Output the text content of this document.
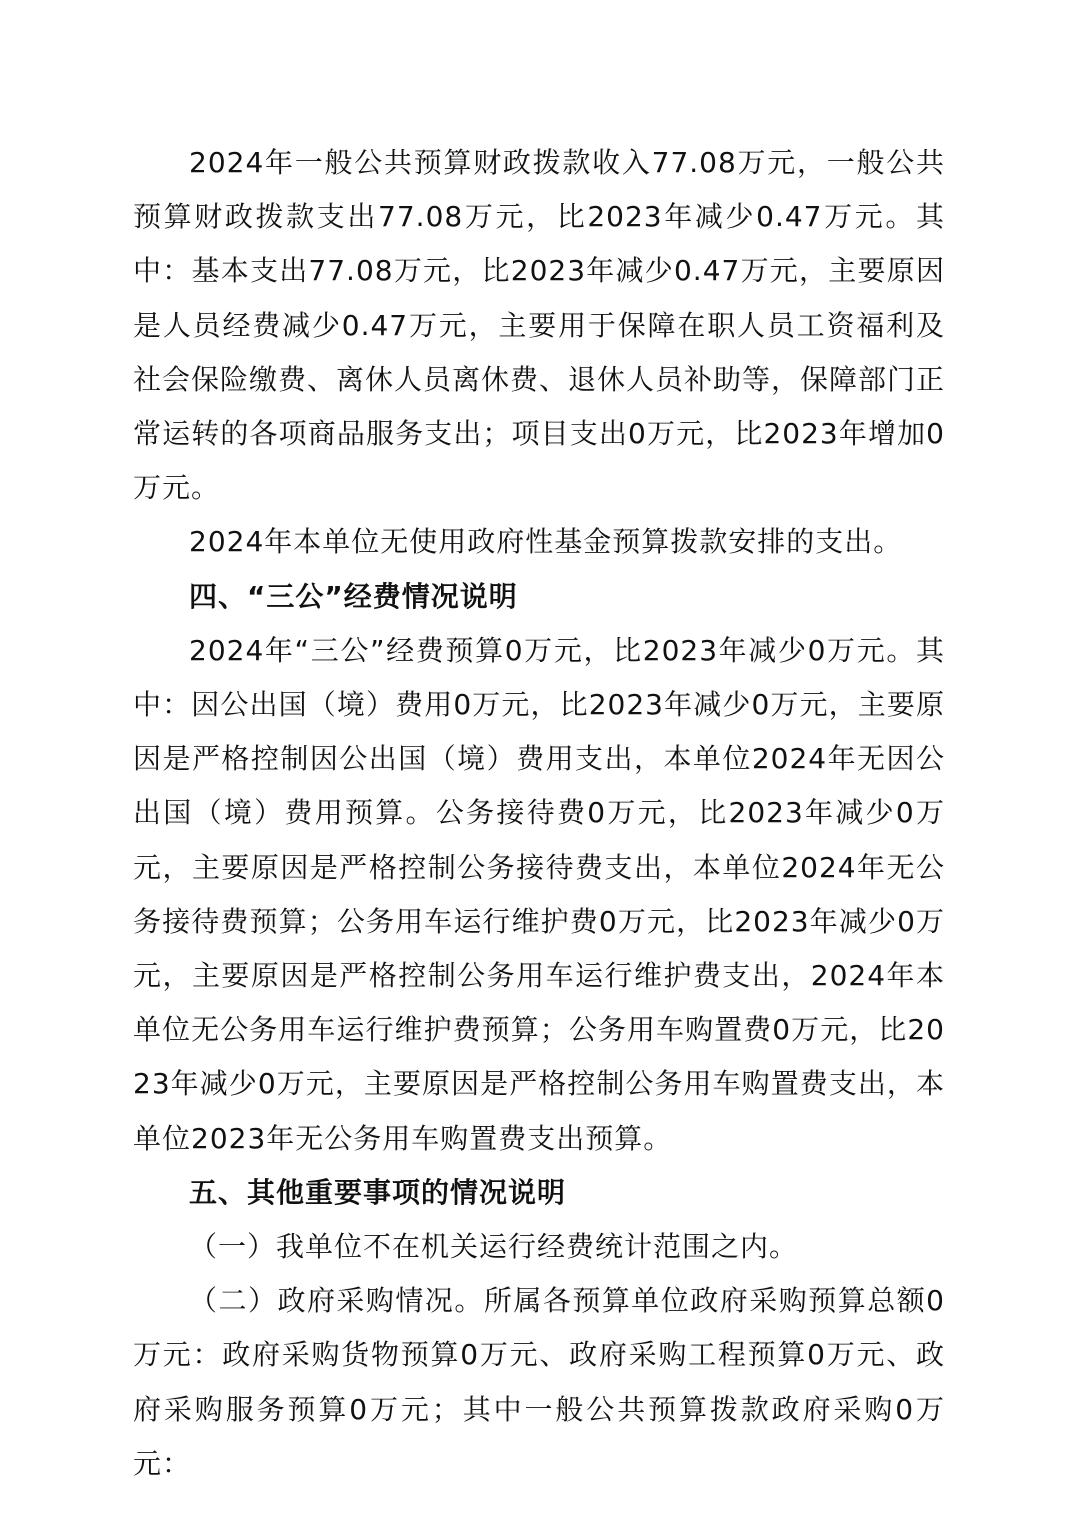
2024年一般公共预算财政拨款收入77.08万元，一般公共预算财政拨款支出77.08万元，比2023年减少0.47万元。其中：基本支出77.08万元，比2023年减少0.47万元，主要原因是人员经费减少0.47万元，主要用于保障在职人员工资福利及社会保险缴费、离休人员离休费、退休人员补助等，保障部门正常运转的各项商品服务支出；项目支出0万元，比2023年增加0万元。

2024年本单位无使用政府性基金预算拨款安排的支出。

四、“三公”经费情况说明

2024年“三公”经费预算0万元，比2023年减少0万元。其中：因公出国（境）费用0万元，比2023年减少0万元，主要原因是严格控制因公出国（境）费用支出，本单位2024年无因公出国（境）费用预算。公务接待费0万元，比2023年减少0万元，主要原因是严格控制公务接待费支出，本单位2024年无公务接待费预算；公务用车运行维护费0万元，比2023年减少0万元，主要原因是严格控制公务用车运行维护费支出，2024年本单位无公务用车运行维护费预算；公务用车购置费0万元，比2023年减少0万元，主要原因是严格控制公务用车购置费支出，本单位2023年无公务用车购置费支出预算。

五、其他重要事项的情况说明

（一）我单位不在机关运行经费统计范围之内。

（二）政府采购情况。所属各预算单位政府采购预算总额0万元：政府采购货物预算0万元、政府采购工程预算0万元、政府采购服务预算0万元；其中一般公共预算拨款政府采购0万元：
